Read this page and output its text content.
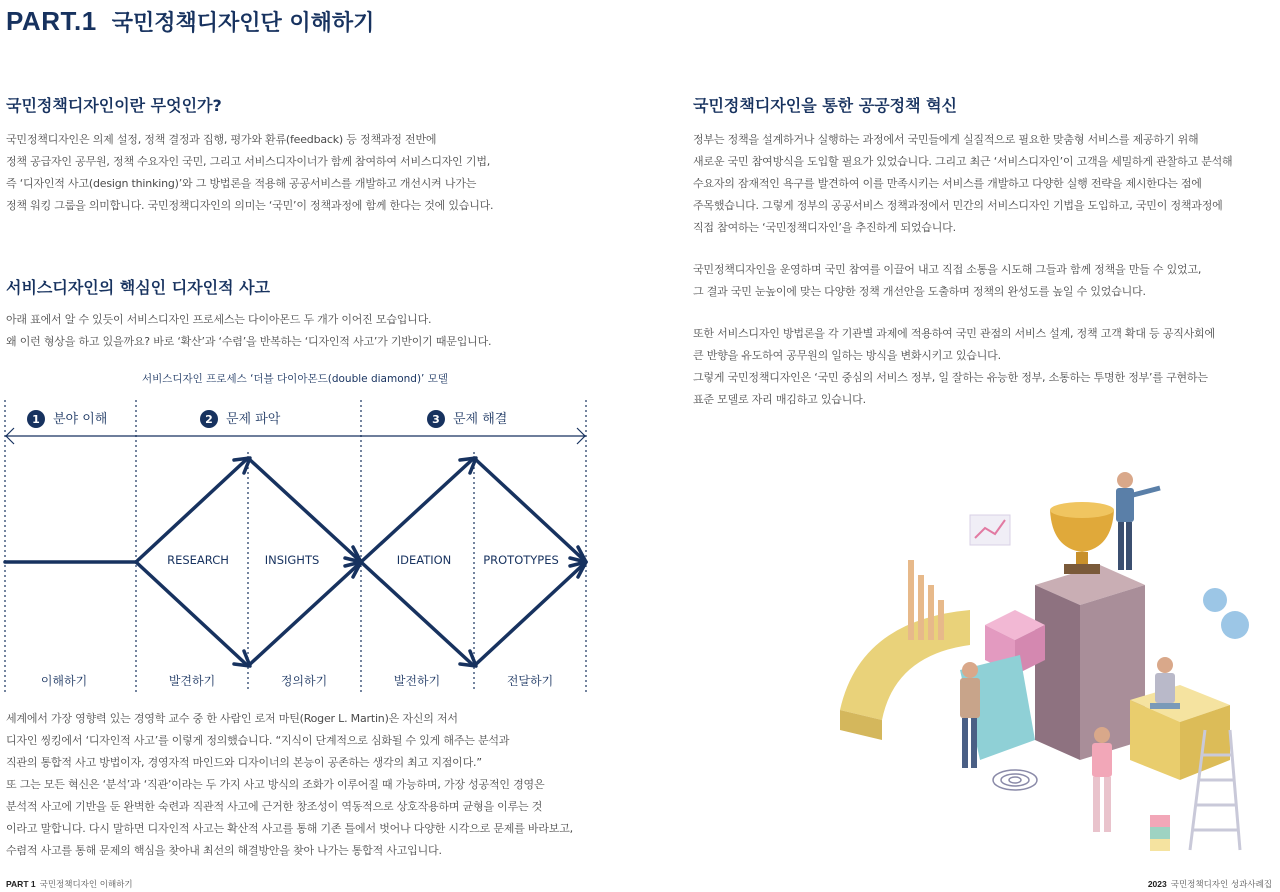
PART.1 국민정책디자인단 이해하기
국민정책디자인이란 무엇인가?

국민정책디자인은 의제 설정, 정책 결정과 집행, 평가와 환류(feedback) 등 정책과정 전반에
정책 공급자인 공무원, 정책 수요자인 국민, 그리고 서비스디자이너가 함께 참여하여 서비스디자인 기법,
즉 ‘디자인적 사고(design thinking)’와 그 방법론을 적용해 공공서비스를 개발하고 개선시켜 나가는
정책 워킹 그룹을 의미합니다. 국민정책디자인의 의미는 ‘국민’이 정책과정에 함께 한다는 것에 있습니다.

서비스디자인의 핵심인 디자인적 사고

아래 표에서 알 수 있듯이 서비스디자인 프로세스는 다이아몬드 두 개가 이어진 모습입니다.
왜 이런 형상을 하고 있을까요? 바로 ‘확산’과 ‘수렴’을 반복하는 ‘디자인적 사고’가 기반이기 때문입니다.

서비스디자인 프로세스 ‘더블 다이아몬드(double diamond)’ 모델
1 분야 이해	2 문제 파악	3 문제 해결
RESEARCH	INSIGHTS	IDEATION	PROTOTYPES
이해하기	발견하기	정의하기	발전하기	전달하기

세계에서 가장 영향력 있는 경영학 교수 중 한 사람인 로저 마틴(Roger L. Martin)은 자신의 저서
디자인 씽킹에서 ‘디자인적 사고’를 이렇게 정의했습니다. “지식이 단계적으로 심화될 수 있게 해주는 분석과
직관의 통합적 사고 방법이자, 경영자적 마인드와 디자이너의 본능이 공존하는 생각의 최고 지점이다.”
또 그는 모든 혁신은 ‘분석’과 ‘직관’이라는 두 가지 사고 방식의 조화가 이루어질 때 가능하며, 가장 성공적인 경영은
분석적 사고에 기반을 둔 완벽한 숙련과 직관적 사고에 근거한 창조성이 역동적으로 상호작용하며 균형을 이루는 것
이라고 말합니다. 다시 말하면 디자인적 사고는 확산적 사고를 통해 기존 틀에서 벗어나 다양한 시각으로 문제를 바라보고,
수렴적 사고를 통해 문제의 핵심을 찾아내 최선의 해결방안을 찾아 나가는 통합적 사고입니다.

국민정책디자인을 통한 공공정책 혁신

정부는 정책을 설계하거나 실행하는 과정에서 국민들에게 실질적으로 필요한 맞춤형 서비스를 제공하기 위해
새로운 국민 참여방식을 도입할 필요가 있었습니다. 그리고 최근 ‘서비스디자인’이 고객을 세밀하게 관찰하고 분석해
수요자의 잠재적인 욕구를 발견하여 이를 만족시키는 서비스를 개발하고 다양한 실행 전략을 제시한다는 점에
주목했습니다. 그렇게 정부의 공공서비스 정책과정에서 민간의 서비스디자인 기법을 도입하고, 국민이 정책과정에
직접 참여하는 ‘국민정책디자인’을 추진하게 되었습니다.
국민정책디자인을 운영하며 국민 참여를 이끌어 내고 직접 소통을 시도해 그들과 함께 정책을 만들 수 있었고,
그 결과 국민 눈높이에 맞는 다양한 정책 개선안을 도출하며 정책의 완성도를 높일 수 있었습니다.
또한 서비스디자인 방법론을 각 기관별 과제에 적용하여 국민 관점의 서비스 설계, 정책 고객 확대 등 공직사회에
큰 반향을 유도하여 공무원의 일하는 방식을 변화시키고 있습니다.
그렇게 국민정책디자인은 ‘국민 중심의 서비스 정부, 일 잘하는 유능한 정부, 소통하는 투명한 정부’를 구현하는
표준 모델로 자리 매김하고 있습니다.

PART 1 국민정책디자인 이해하기	2023 국민정책디자인 성과사례집
